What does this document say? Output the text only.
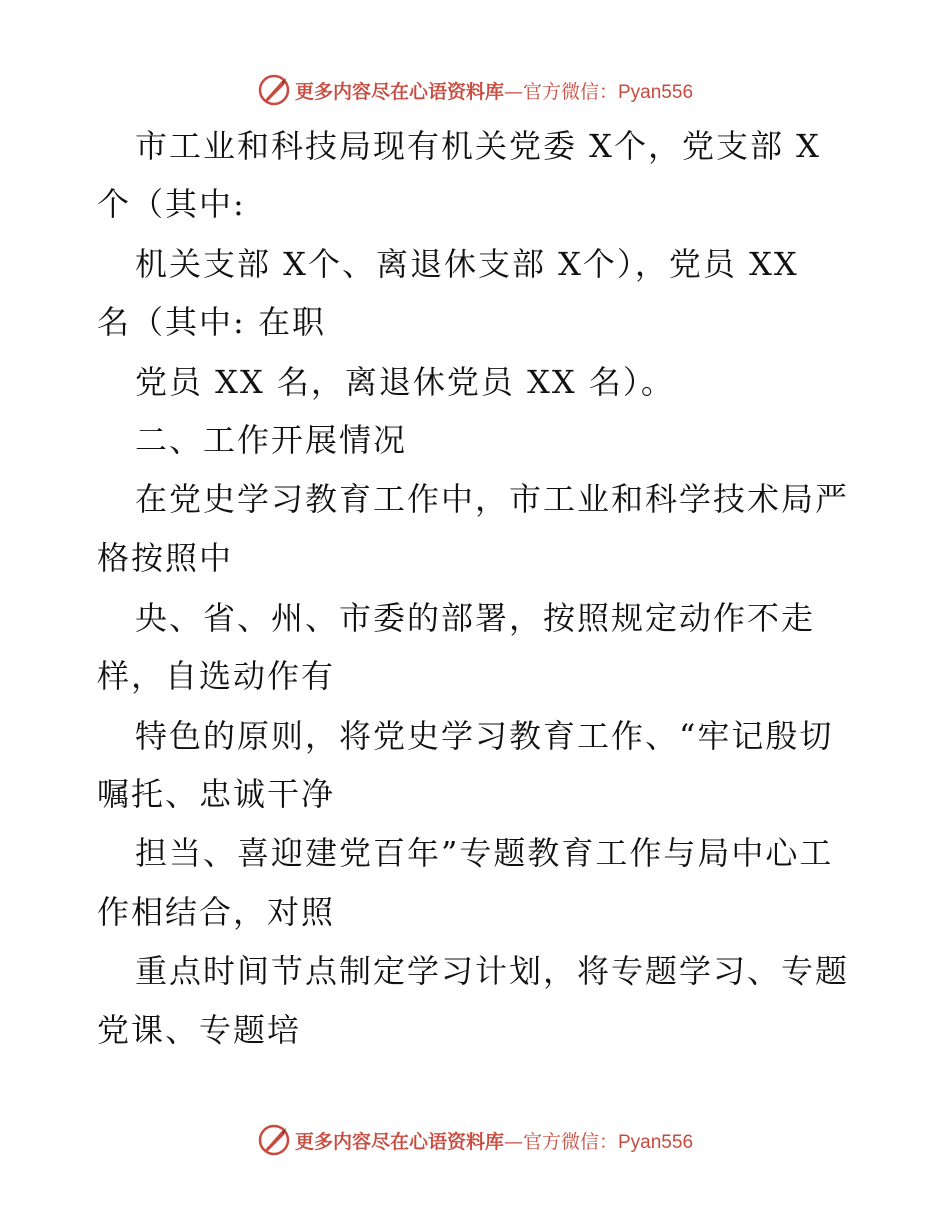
更多内容尽在心语资料库—官方微信：Pyan556
市工业和科技局现有机关党委 X个，党支部 X
个（其中:
机关支部 X个、离退休支部 X个），党员 XX
名（其中: 在职
党员 XX 名，离退休党员 XX 名）。
二、工作开展情况
在党史学习教育工作中，市工业和科学技术局严
格按照中
央、省、州、市委的部署，按照规定动作不走
样，自选动作有
特色的原则，将党史学习教育工作、“牢记殷切
嘱托、忠诚干净
担当、喜迎建党百年”专题教育工作与局中心工
作相结合，对照
重点时间节点制定学习计划，将专题学习、专题
党课、专题培
更多内容尽在心语资料库—官方微信：Pyan556
